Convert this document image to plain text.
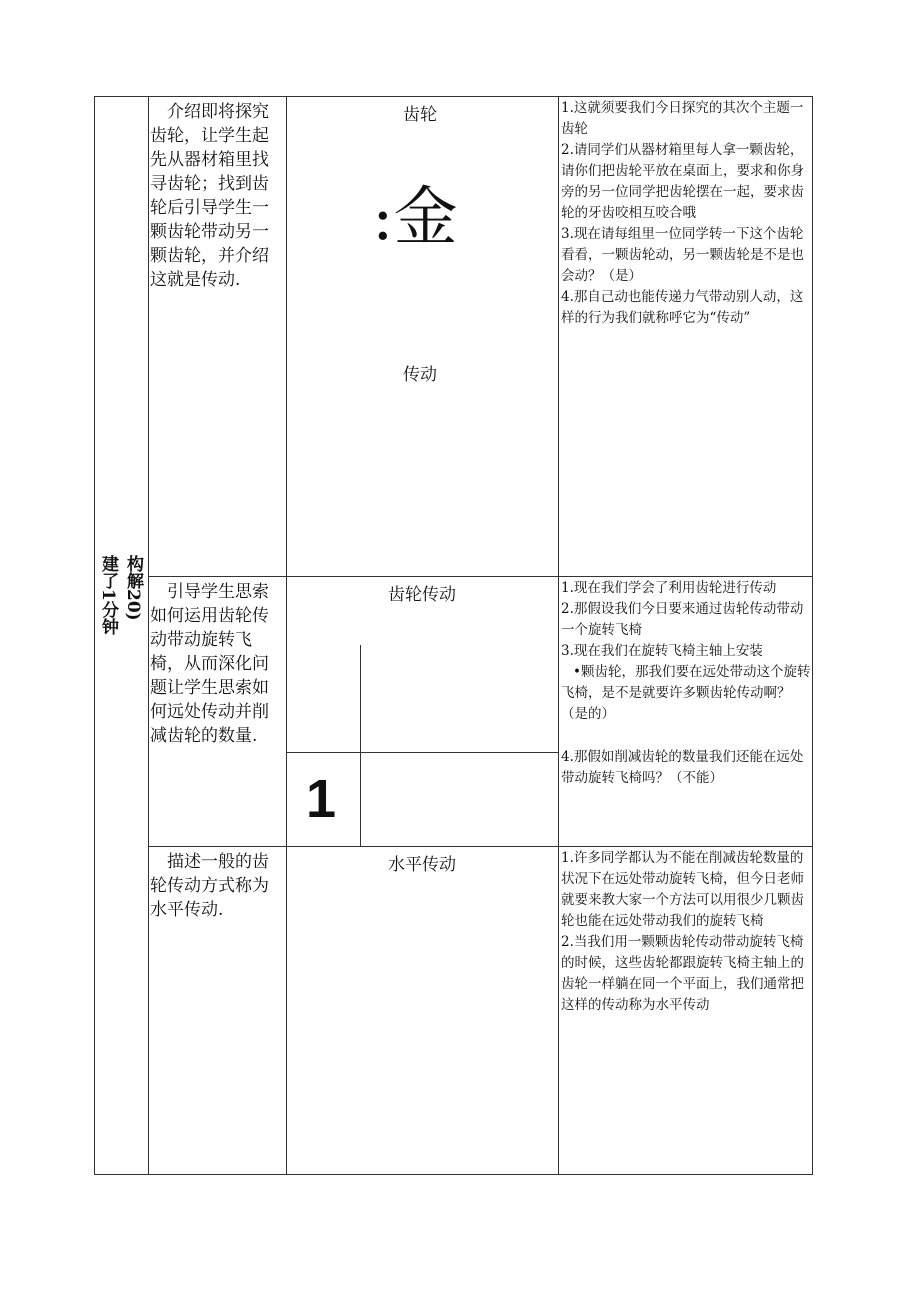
建了1分钟 构解20)
介绍即将探究齿轮，让学生起先从器材箱里找寻齿轮；找到齿轮后引导学生一颗齿轮带动另一颗齿轮，并介绍这就是传动.
齿轮
:金
传动

1.这就须要我们今日探究的其次个主题一齿轮

2.请同学们从器材箱里每人拿一颗齿轮，请你们把齿轮平放在桌面上，要求和你身旁的另一位同学把齿轮摆在一起，要求齿轮的牙齿咬相互咬合哦

3.现在请每组里一位同学转一下这个齿轮看看，一颗齿轮动，另一颗齿轮是不是也会动？（是）

4.那自己动也能传递力气带动别人动，这样的行为我们就称呼它为“传动”

引导学生思索如何运用齿轮传动带动旋转飞椅，从而深化问题让学生思索如何远处传动并削减齿轮的数量.
齿轮传动
1

1.现在我们学会了利用齿轮进行传动

2.那假设我们今日要来通过齿轮传动带动一个旋转飞椅

3.现在我们在旋转飞椅主轴上安装

•颗齿轮，那我们要在远处带动这个旋转飞椅，是不是就要许多颗齿轮传动啊？（是的）

4.那假如削减齿轮的数量我们还能在远处带动旋转飞椅吗？（不能）

描述一般的齿轮传动方式称为水平传动.
水平传动	1.许多同学都认为不能在削减齿轮数量的状况下在远处带动旋转飞椅，但今日老师就要来教大家一个方法可以用很少几颗齿轮也能在远处带动我们的旋转飞椅

2.当我们用一颗颗齿轮传动带动旋转飞椅的时候，这些齿轮都跟旋转飞椅主轴上的齿轮一样躺在同一个平面上，我们通常把这样的传动称为水平传动
